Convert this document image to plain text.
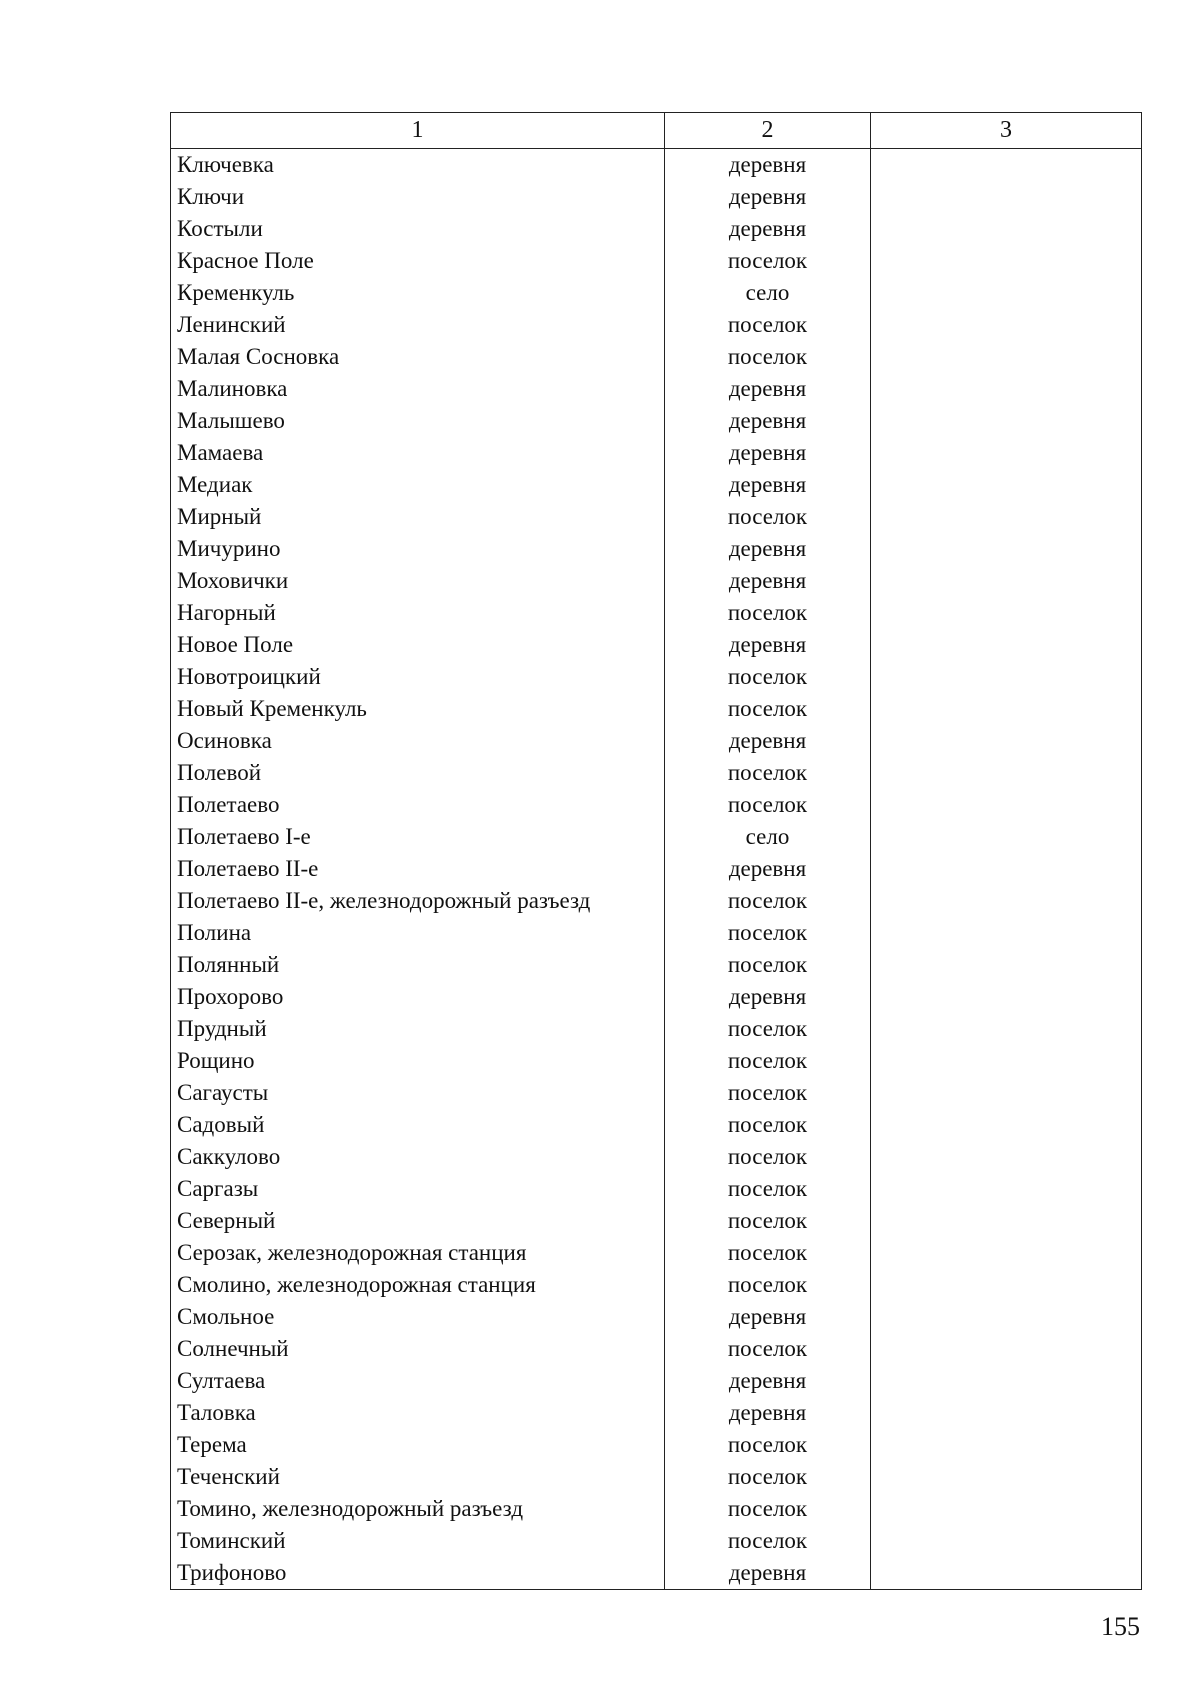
1	2	3
Ключевка	деревня	
Ключи	деревня	
Костыли	деревня	
Красное Поле	поселок	
Кременкуль	село	
Ленинский	поселок	
Малая Сосновка	поселок	
Малиновка	деревня	
Малышево	деревня	
Мамаева	деревня	
Медиак	деревня	
Мирный	поселок	
Мичурино	деревня	
Моховички	деревня	
Нагорный	поселок	
Новое Поле	деревня	
Новотроицкий	поселок	
Новый Кременкуль	поселок	
Осиновка	деревня	
Полевой	поселок	
Полетаево	поселок	
Полетаево I-е	село	
Полетаево II-е	деревня	
Полетаево II-е, железнодорожный разъезд	поселок	
Полина	поселок	
Полянный	поселок	
Прохорово	деревня	
Прудный	поселок	
Рощино	поселок	
Сагаусты	поселок	
Садовый	поселок	
Саккулово	поселок	
Саргазы	поселок	
Северный	поселок	
Серозак, железнодорожная станция	поселок	
Смолино, железнодорожная станция	поселок	
Смольное	деревня	
Солнечный	поселок	
Султаева	деревня	
Таловка	деревня	
Терема	поселок	
Теченский	поселок	
Томино, железнодорожный разъезд	поселок	
Томинский	поселок	
Трифоново	деревня	
155
